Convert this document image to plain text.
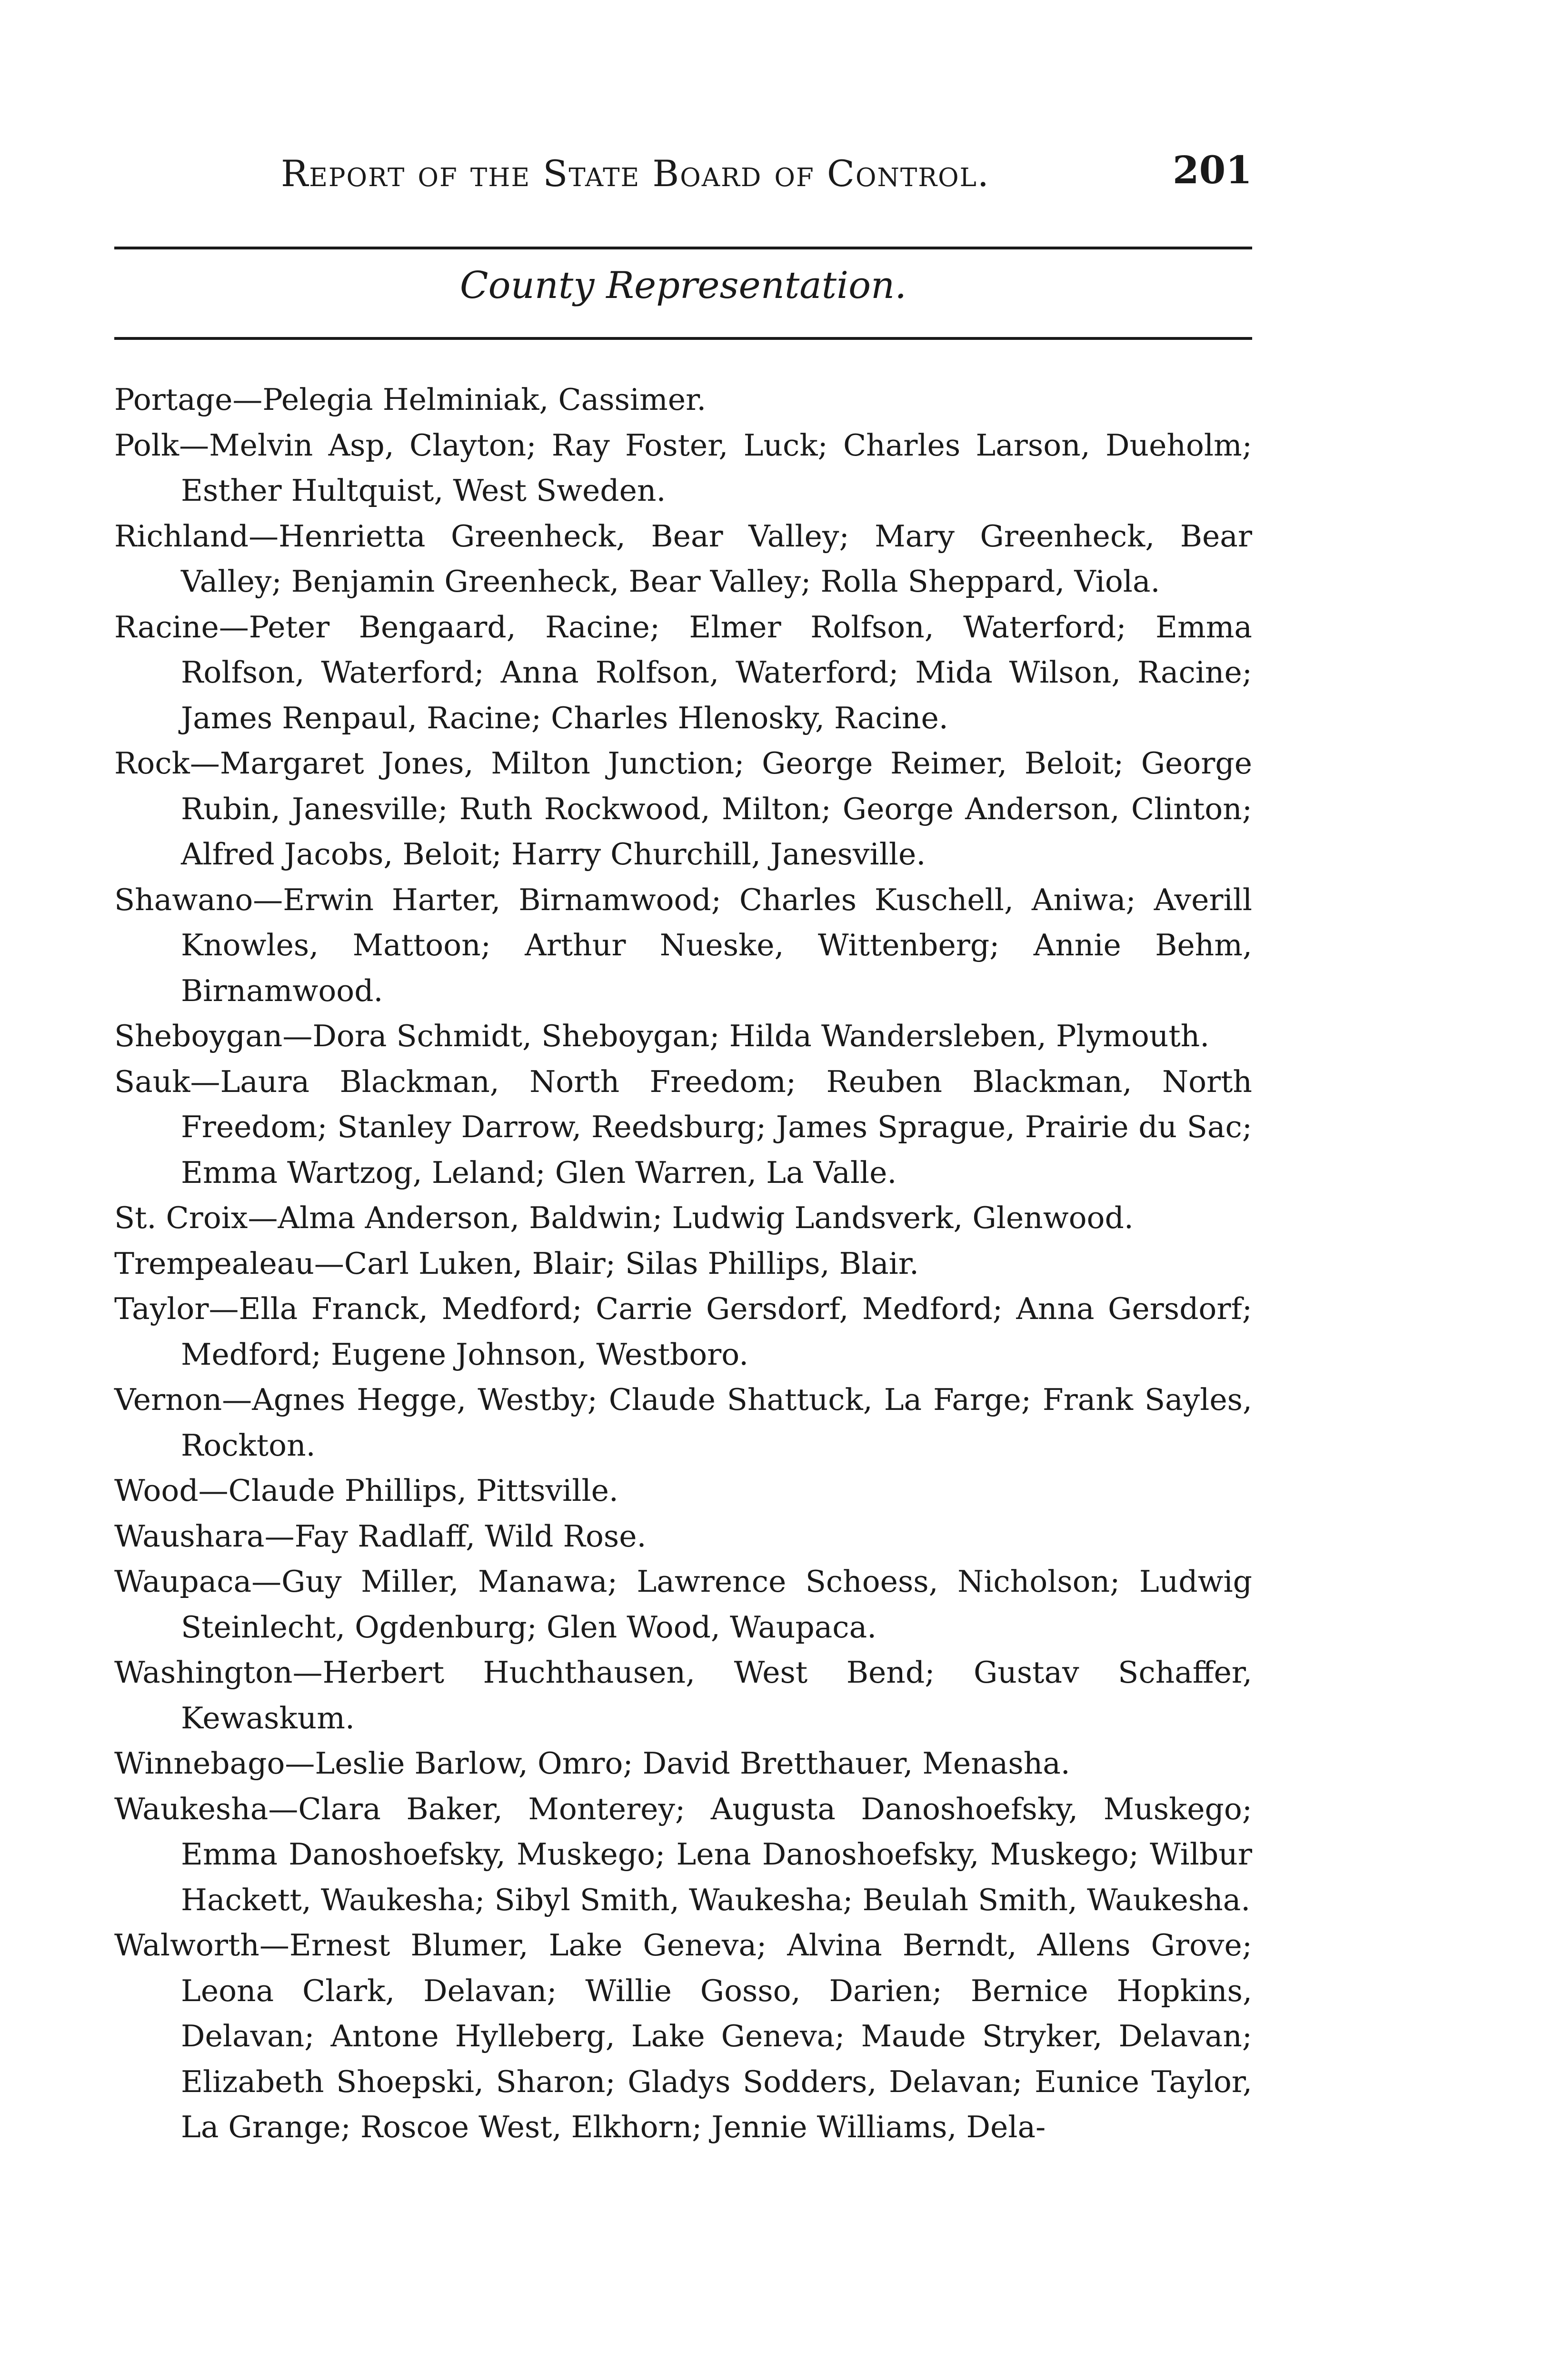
Report of the State Board of Control.	201
County Representation.
Portage—Pelegia Helminiak, Cassimer.
Polk—Melvin Asp, Clayton; Ray Foster, Luck; Charles Larson, Dueholm; Esther Hultquist, West Sweden.
Richland—Henrietta Greenheck, Bear Valley; Mary Greenheck, Bear Valley; Benjamin Greenheck, Bear Valley; Rolla Sheppard, Viola.
Racine—Peter Bengaard, Racine; Elmer Rolfson, Waterford; Emma Rolfson, Waterford; Anna Rolfson, Waterford; Mida Wilson, Racine; James Renpaul, Racine; Charles Hlenosky, Racine.
Rock—Margaret Jones, Milton Junction; George Reimer, Beloit; George Rubin, Janesville; Ruth Rockwood, Milton; George Anderson, Clinton; Alfred Jacobs, Beloit; Harry Churchill, Janesville.
Shawano—Erwin Harter, Birnamwood; Charles Kuschell, Aniwa; Averill Knowles, Mattoon; Arthur Nueske, Wittenberg; Annie Behm, Birnamwood.
Sheboygan—Dora Schmidt, Sheboygan; Hilda Wandersleben, Plymouth.
Sauk—Laura Blackman, North Freedom; Reuben Blackman, North Freedom; Stanley Darrow, Reedsburg; James Sprague, Prairie du Sac; Emma Wartzog, Leland; Glen Warren, La Valle.
St. Croix—Alma Anderson, Baldwin; Ludwig Landsverk, Glenwood.
Trempealeau—Carl Luken, Blair; Silas Phillips, Blair.
Taylor—Ella Franck, Medford; Carrie Gersdorf, Medford; Anna Gersdorf; Medford; Eugene Johnson, Westboro.
Vernon—Agnes Hegge, Westby; Claude Shattuck, La Farge; Frank Sayles, Rockton.
Wood—Claude Phillips, Pittsville.
Waushara—Fay Radlaff, Wild Rose.
Waupaca—Guy Miller, Manawa; Lawrence Schoess, Nicholson; Ludwig Steinlecht, Ogdenburg; Glen Wood, Waupaca.
Washington—Herbert Huchthausen, West Bend; Gustav Schaffer, Kewaskum.
Winnebago—Leslie Barlow, Omro; David Bretthauer, Menasha.
Waukesha—Clara Baker, Monterey; Augusta Danoshoefsky, Muskego; Emma Danoshoefsky, Muskego; Lena Danoshoefsky, Muskego; Wilbur Hackett, Waukesha; Sibyl Smith, Waukesha; Beulah Smith, Waukesha.
Walworth—Ernest Blumer, Lake Geneva; Alvina Berndt, Allens Grove; Leona Clark, Delavan; Willie Gosso, Darien; Bernice Hopkins, Delavan; Antone Hylleberg, Lake Geneva; Maude Stryker, Delavan; Elizabeth Shoepski, Sharon; Gladys Sodders, Delavan; Eunice Taylor, La Grange; Roscoe West, Elkhorn; Jennie Williams, Dela-
